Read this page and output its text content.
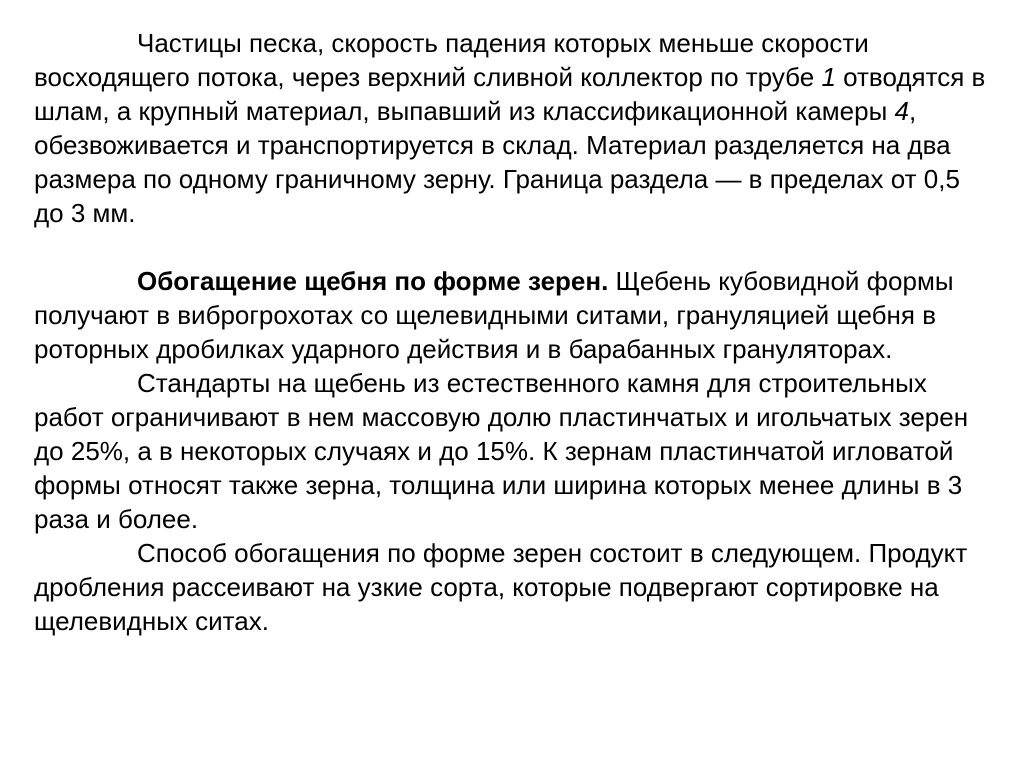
Частицы песка, скорость падения которых меньше скорости восходящего потока, через верхний сливной коллектор по трубе 1 отводятся в шлам, а крупный материал, выпавший из классификационной камеры 4, обезвоживается и транспортируется в склад. Материал разделяется на два размера по одному граничному зерну. Граница раздела — в пределах от 0,5 до 3 мм.

Обогащение щебня по форме зерен. Щебень кубовидной формы получают в виброгрохотах со щелевидными ситами, грануляцией щебня в роторных дробилках ударного действия и в барабанных грануляторах.

Стандарты на щебень из естественного камня для строительных работ ограничивают в нем массовую долю пластинчатых и игольчатых зерен до 25%, а в некоторых случаях и до 15%. К зернам пластинчатой игловатой формы относят также зерна, толщина или ширина которых менее длины в 3 раза и более.

Способ обогащения по форме зерен состоит в следующем. Продукт дробления рассеивают на узкие сорта, которые подвергают сортировке на щелевидных ситах.
